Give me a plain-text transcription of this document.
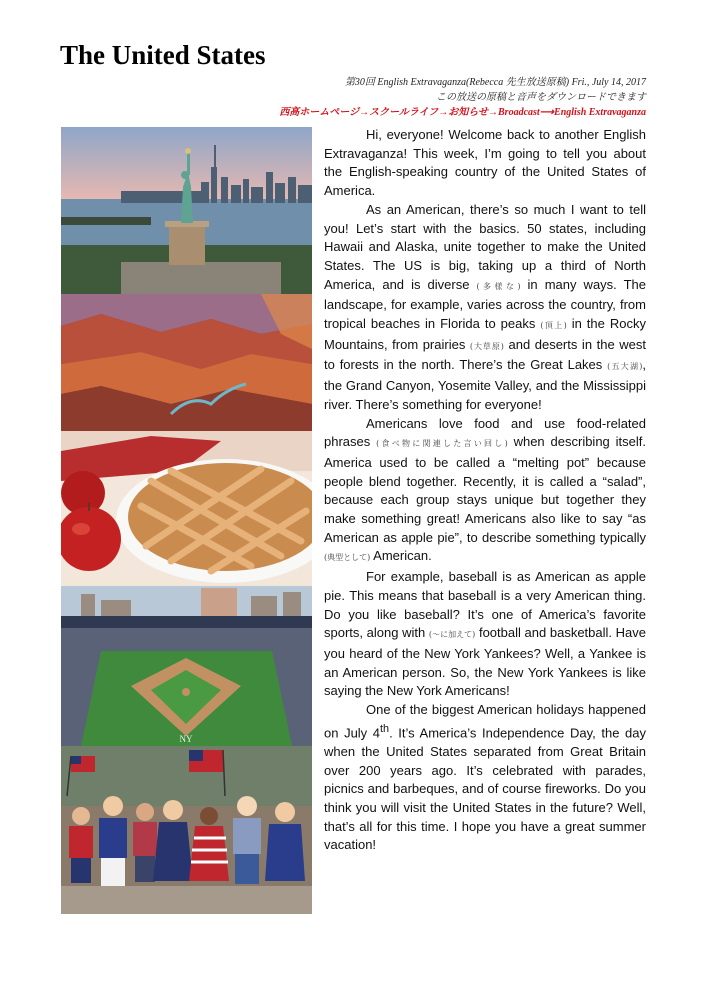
The United States
第30回 English Extravaganza(Rebecca 先生放送原稿) Fri., July 14, 2017
この放送の原稿と音声をダウンロードできます
西高ホームページ→スクールライフ→お知らせ→Broadcast⟶English Extravaganza
NY

Hi, everyone! Welcome back to another English Extravaganza! This week, I’m going to tell you about the English-speaking country of the United States of America.

As an American, there’s so much I want to tell you! Let’s start with the basics. 50 states, including Hawaii and Alaska, unite together to make the United States. The US is big, taking up a third of North America, and is diverse (多様な) in many ways. The landscape, for example, varies across the country, from tropical beaches in Florida to peaks (頂上) in the Rocky Mountains, from prairies (大草原) and deserts in the west to forests in the north. There’s the Great Lakes (五大湖), the Grand Canyon, Yosemite Valley, and the Mississippi river. There’s something for everyone!

Americans love food and use food-related phrases (食べ物に関連した言い回し) when describing itself. America used to be called a “melting pot” because people blend together. Recently, it is called a “salad”, because each group stays unique but together they make something great! Americans also like to say “as American as apple pie”, to describe something typically (典型として) American.

For example, baseball is as American as apple pie. This means that baseball is a very American thing. Do you like baseball? It’s one of America’s favorite sports, along with (〜に加えて) football and basketball. Have you heard of the New York Yankees? Well, a Yankee is an American person. So, the New York Yankees is like saying the New York Americans!

One of the biggest American holidays happened on July 4th. It’s America’s Independence Day, the day when the United States separated from Great Britain over 200 years ago. It’s celebrated with parades, picnics and barbeques, and of course fireworks. Do you think you will visit the United States in the future? Well, that’s all for this time. I hope you have a great summer vacation!
